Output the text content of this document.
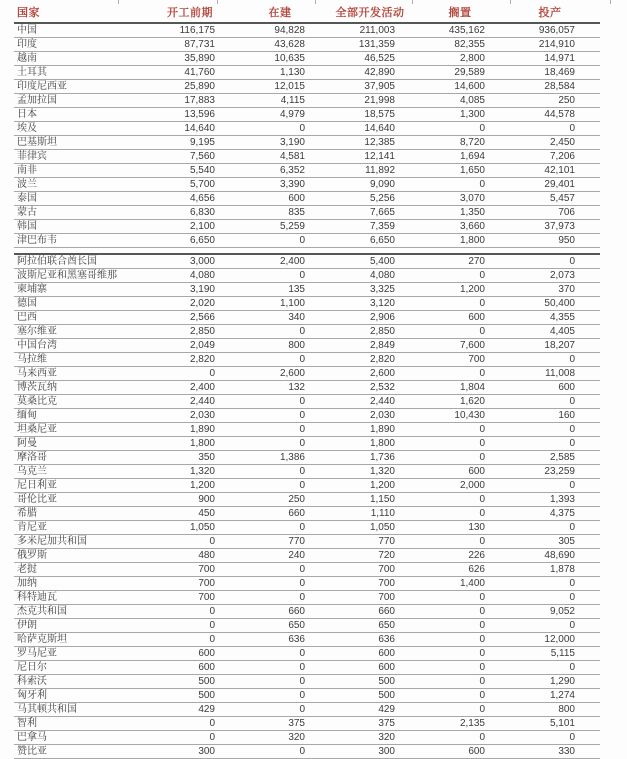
国家	开工前期	在建	全部开发活动	搁置	投产
中国	116,175	94,828	211,003	435,162	936,057
印度	87,731	43,628	131,359	82,355	214,910
越南	35,890	10,635	46,525	2,800	14,971
土耳其	41,760	1,130	42,890	29,589	18,469
印度尼西亚	25,890	12,015	37,905	14,600	28,584
孟加拉国	17,883	4,115	21,998	4,085	250
日本	13,596	4,979	18,575	1,300	44,578
埃及	14,640	0	14,640	0	0
巴基斯坦	9,195	3,190	12,385	8,720	2,450
菲律宾	7,560	4,581	12,141	1,694	7,206
南非	5,540	6,352	11,892	1,650	42,101
波兰	5,700	3,390	9,090	0	29,401
泰国	4,656	600	5,256	3,070	5,457
蒙古	6,830	835	7,665	1,350	706
韩国	2,100	5,259	7,359	3,660	37,973
津巴布韦	6,650	0	6,650	1,800	950

阿拉伯联合酋长国	3,000	2,400	5,400	270	0
波斯尼亚和黑塞哥维那	4,080	0	4,080	0	2,073
柬埔寨	3,190	135	3,325	1,200	370
德国	2,020	1,100	3,120	0	50,400
巴西	2,566	340	2,906	600	4,355
塞尔维亚	2,850	0	2,850	0	4,405
中国台湾	2,049	800	2,849	7,600	18,207
马拉维	2,820	0	2,820	700	0
马来西亚	0	2,600	2,600	0	11,008
博茨瓦纳	2,400	132	2,532	1,804	600
莫桑比克	2,440	0	2,440	1,620	0
缅甸	2,030	0	2,030	10,430	160
坦桑尼亚	1,890	0	1,890	0	0
阿曼	1,800	0	1,800	0	0
摩洛哥	350	1,386	1,736	0	2,585
乌克兰	1,320	0	1,320	600	23,259
尼日利亚	1,200	0	1,200	2,000	0
哥伦比亚	900	250	1,150	0	1,393
希腊	450	660	1,110	0	4,375
肯尼亚	1,050	0	1,050	130	0
多米尼加共和国	0	770	770	0	305
俄罗斯	480	240	720	226	48,690
老挝	700	0	700	626	1,878
加纳	700	0	700	1,400	0
科特迪瓦	700	0	700	0	0
杰克共和国	0	660	660	0	9,052
伊朗	0	650	650	0	0
哈萨克斯坦	0	636	636	0	12,000
罗马尼亚	600	0	600	0	5,115
尼日尔	600	0	600	0	0
科索沃	500	0	500	0	1,290
匈牙利	500	0	500	0	1,274
马其顿共和国	429	0	429	0	800
智利	0	375	375	2,135	5,101
巴拿马	0	320	320	0	0
赞比亚	300	0	300	600	330
